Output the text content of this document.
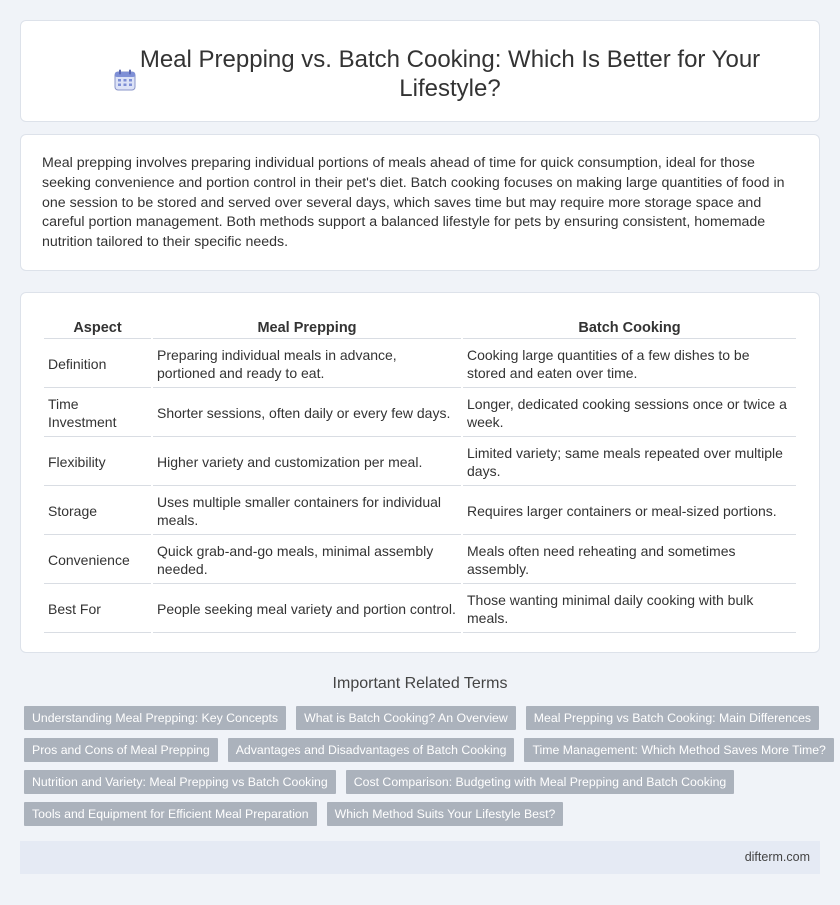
Meal Prepping vs. Batch Cooking: Which Is Better for Your Lifestyle?

Meal prepping involves preparing individual portions of meals ahead of time for quick consumption, ideal for those seeking convenience and portion control in their pet's diet. Batch cooking focuses on making large quantities of food in one session to be stored and served over several days, which saves time but may require more storage space and careful portion management. Both methods support a balanced lifestyle for pets by ensuring consistent, homemade nutrition tailored to their specific needs.

Aspect	Meal Prepping	Batch Cooking
Definition	Preparing individual meals in advance, portioned and ready to eat.	Cooking large quantities of a few dishes to be stored and eaten over time.
Time Investment	Shorter sessions, often daily or every few days.	Longer, dedicated cooking sessions once or twice a week.
Flexibility	Higher variety and customization per meal.	Limited variety; same meals repeated over multiple days.
Storage	Uses multiple smaller containers for individual meals.	Requires larger containers or meal-sized portions.
Convenience	Quick grab-and-go meals, minimal assembly needed.	Meals often need reheating and sometimes assembly.
Best For	People seeking meal variety and portion control.	Those wanting minimal daily cooking with bulk meals.
Important Related Terms
Understanding Meal Prepping: Key Concepts	What is Batch Cooking? An Overview	Meal Prepping vs Batch Cooking: Main Differences
Pros and Cons of Meal Prepping	Advantages and Disadvantages of Batch Cooking	Time Management: Which Method Saves More Time?
Nutrition and Variety: Meal Prepping vs Batch Cooking	Cost Comparison: Budgeting with Meal Prepping and Batch Cooking
Tools and Equipment for Efficient Meal Preparation	Which Method Suits Your Lifestyle Best?
difterm.com
